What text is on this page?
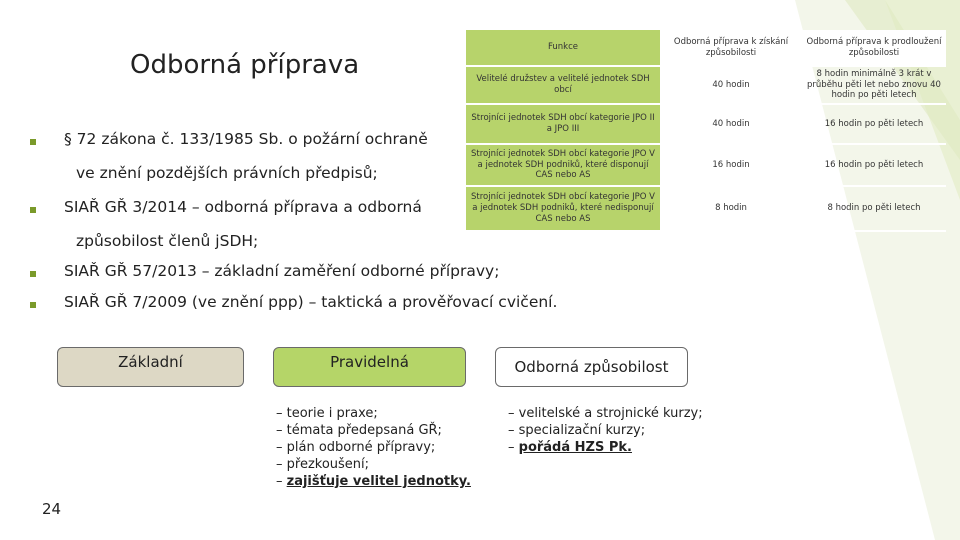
Odborná příprava
§ 72 zákona č. 133/1985 Sb. o požární ochraně
ve znění pozdějších právních předpisů;
SIAŘ GŘ 3/2014 – odborná příprava a odborná
způsobilost členů jSDH;
SIAŘ GŘ 57/2013 – základní zaměření odborné přípravy;
SIAŘ GŘ 7/2009 (ve znění ppp) – taktická a prověřovací cvičení.
Funkce	Odborná příprava k získání způsobilosti	Odborná příprava k prodloužení způsobilosti
Velitelé družstev a velitelé jednotek SDH obcí	40 hodin	8 hodin minimálně 3 krát v průběhu pěti let nebo znovu 40 hodin po pěti letech
Strojníci jednotek SDH obcí kategorie JPO II a JPO III	40 hodin	16 hodin po pěti letech
Strojníci jednotek SDH obcí kategorie JPO V a jednotek SDH podniků, které disponují CAS nebo AS	16 hodin	16 hodin po pěti letech
Strojníci jednotek SDH obcí kategorie JPO V a jednotek SDH podniků, které nedisponují CAS nebo AS	8 hodin	8 hodin po pěti letech
Základní	Pravidelná	Odborná způsobilost
– teorie i praxe;
– témata předepsaná GŘ;
– plán odborné přípravy;
– přezkoušení;
– zajišťuje velitel jednotky.
– velitelské a strojnické kurzy;
– specializační kurzy;
– pořádá HZS Pk.
24
